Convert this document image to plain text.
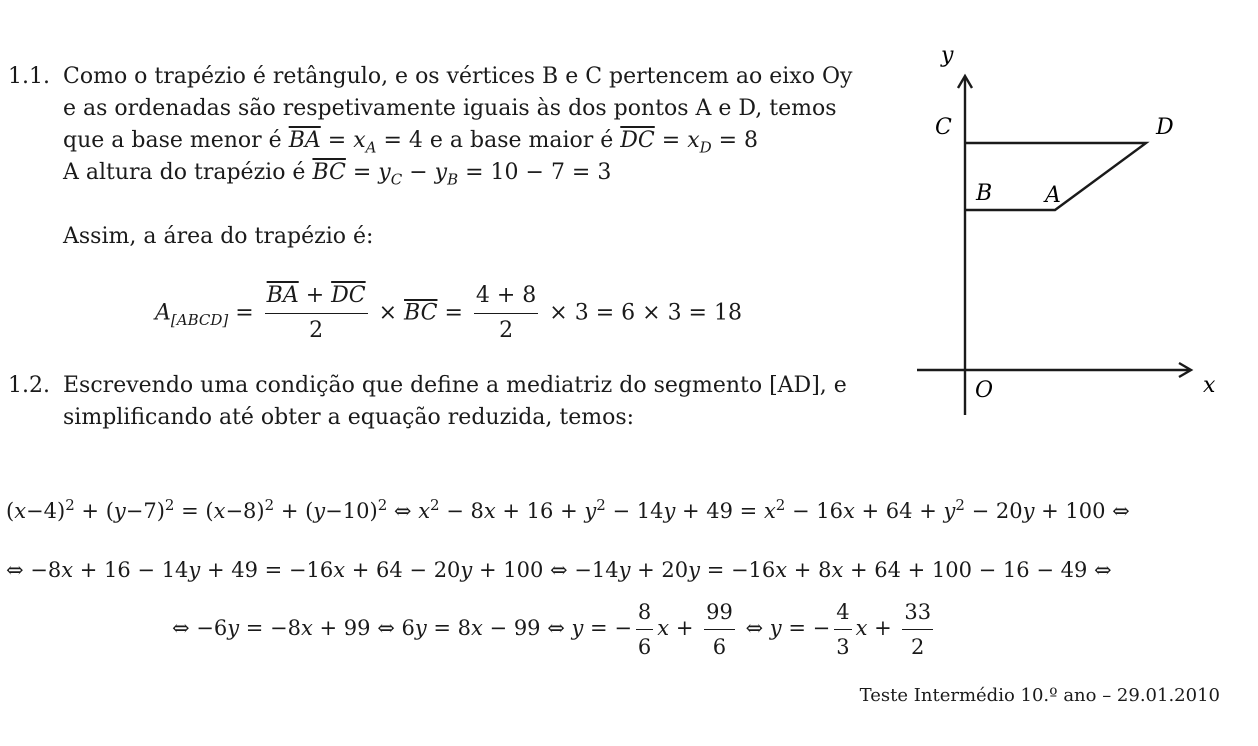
1.1. Como o trapézio é retângulo, e os vértices B e C pertencem ao eixo Oy
e as ordenadas são respetivamente iguais às dos pontos A e D, temos
que a base menor é $\overline{BA} = x_A = 4$ e a base maior é $\overline{DC} = x_D = 8$
A altura do trapézio é $\overline{BC} = y_C - y_B = 10 - 7 = 3$
Assim, a área do trapézio é:
$A_{[ABCD]} = \frac{\overline{BA} + \overline{DC}}{2} \times \overline{BC} = \frac{4 + 8}{2} \times 3 = 6 \times 3 = 18$
1.2. Escrevendo uma condição que define a mediatriz do segmento [AD], e
simplificando até obter a equação reduzida, temos:
$(x-4)^2 + (y-7)^2 = (x-8)^2 + (y-10)^2$ ⇔ $x^2 - 8x + 16 + y^2 - 14y + 49 = x^2 - 16x + 64 + y^2 - 20y + 100$ ⇔
⇔ −8x + 16 − 14y + 49 = −16x + 64 − 20y + 100 ⇔ −14y + 20y = −16x + 8x + 64 + 100 − 16 − 49 ⇔
⇔ −6y = −8x + 99 ⇔ 6y = 8x − 99 ⇔ y = − $\frac{8}{6}$ $x + \frac{99}{6}$ ⇔ y = − $\frac{4}{3}$ $x + \frac{33}{2}$
y
x
O
C	D
B A
Teste Intermédio 10.º ano – 29.01.2010
